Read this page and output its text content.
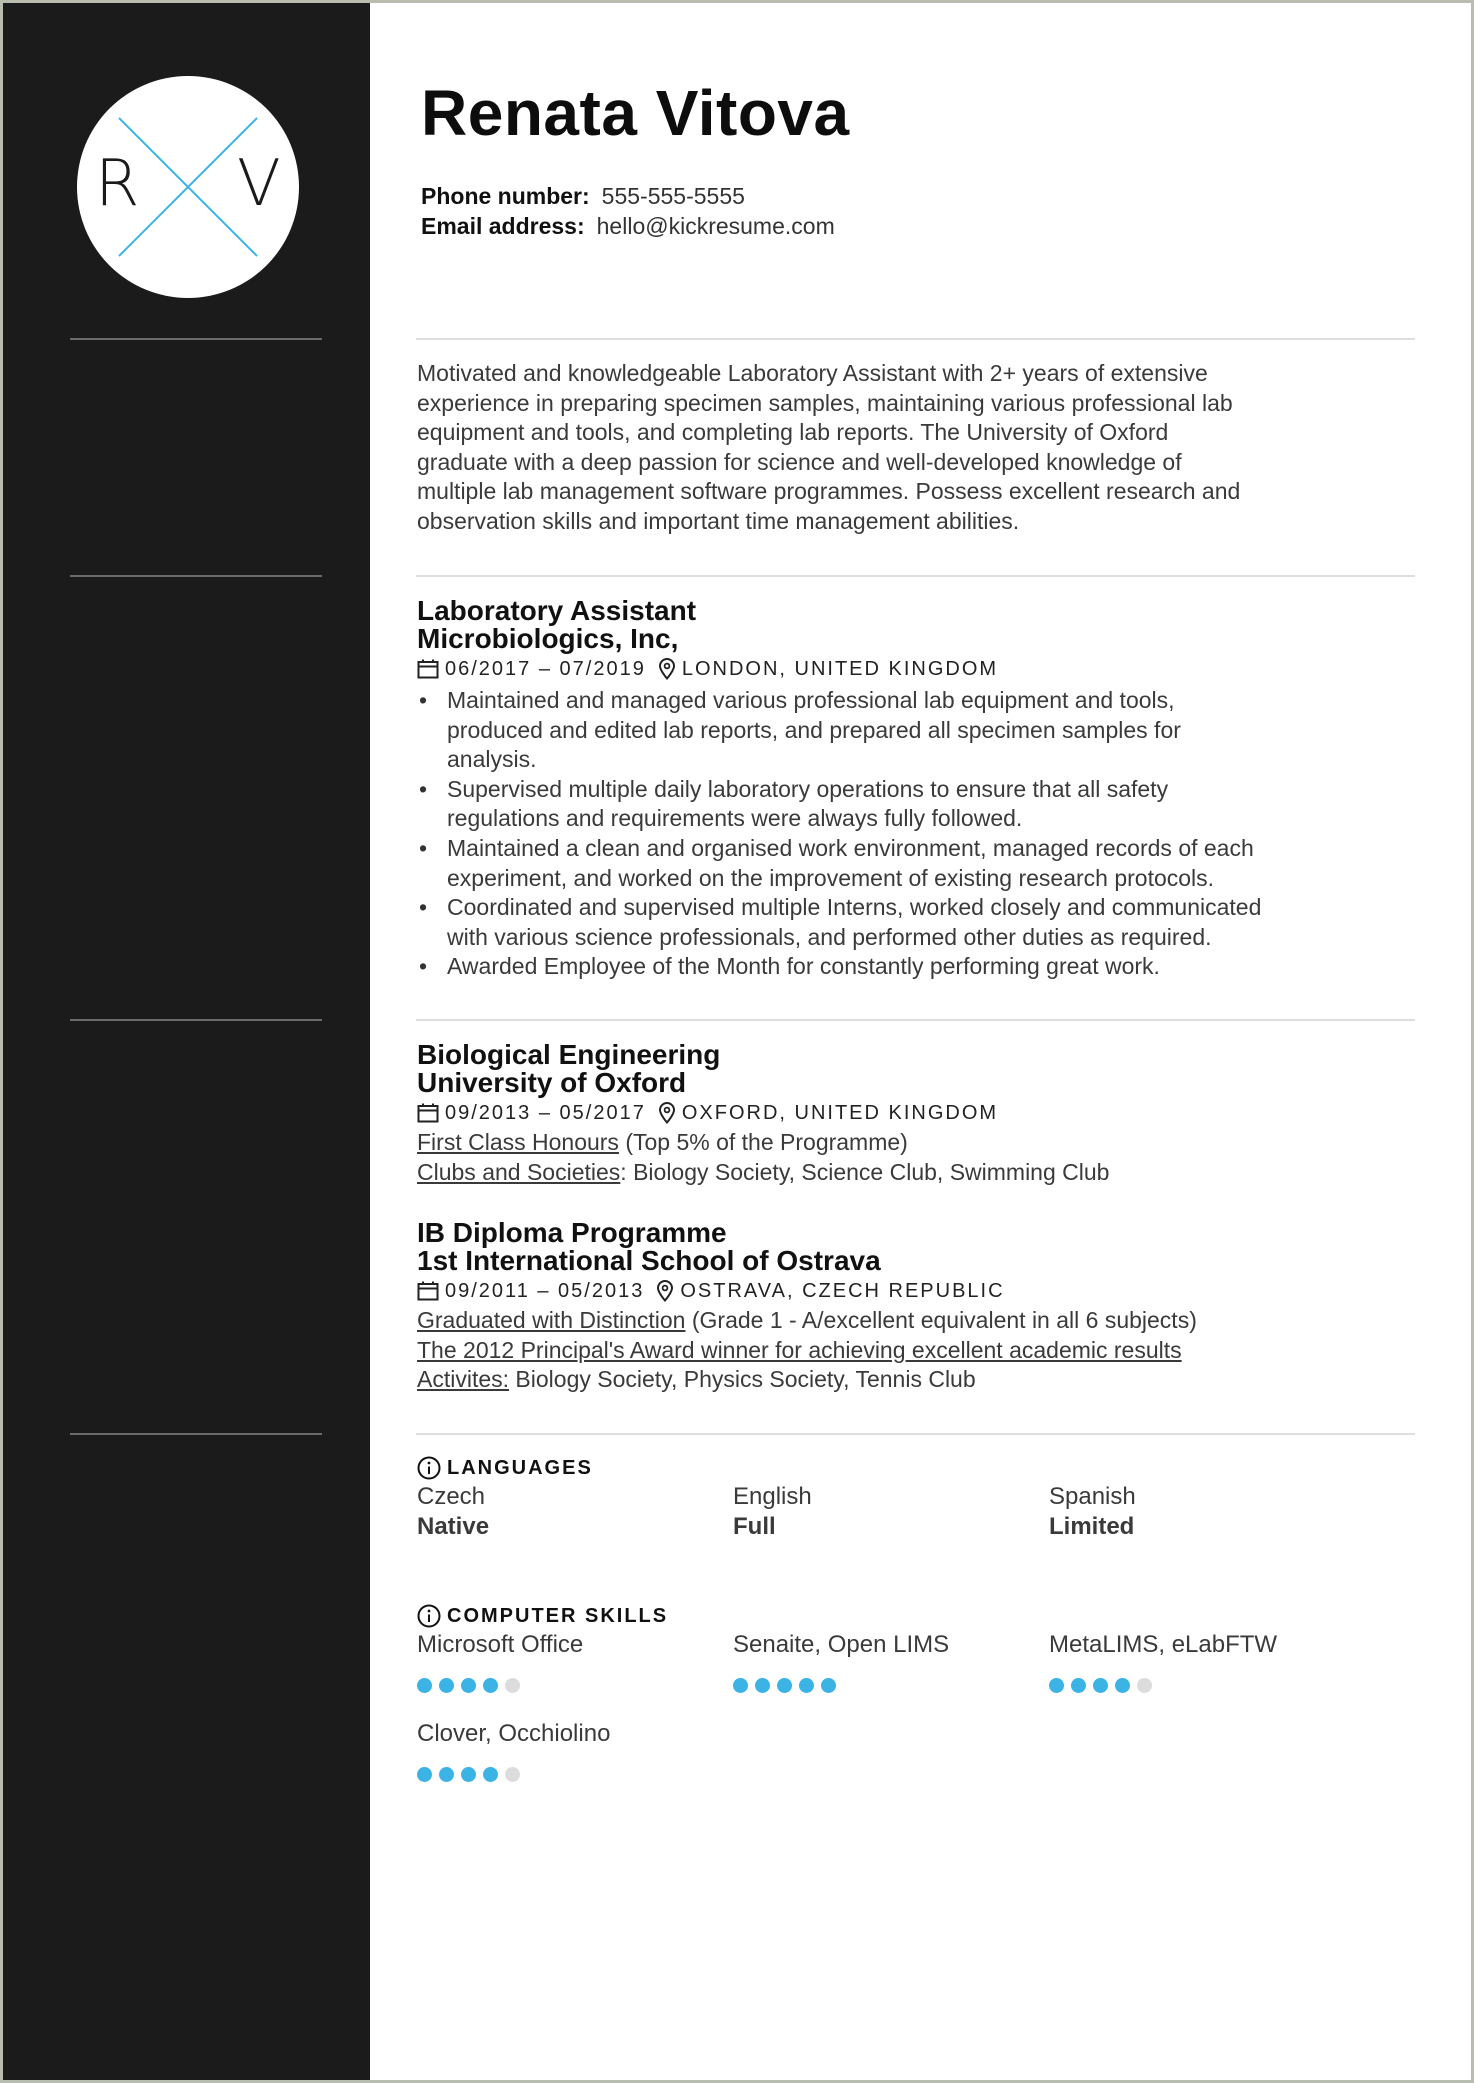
R V
Renata Vitova
Phone number: 555-555-5555
Email address: hello@kickresume.com
Motivated and knowledgeable Laboratory Assistant with 2+ years of extensive
experience in preparing specimen samples, maintaining various professional lab
equipment and tools, and completing lab reports. The University of Oxford
graduate with a deep passion for science and well-developed knowledge of
multiple lab management software programmes. Possess excellent research and
observation skills and important time management abilities.
Laboratory Assistant
Microbiologics, Inc,
06/2017 – 07/2019 LONDON, UNITED KINGDOM
• Maintained and managed various professional lab equipment and tools,
produced and edited lab reports, and prepared all specimen samples for
analysis.
• Supervised multiple daily laboratory operations to ensure that all safety
regulations and requirements were always fully followed.
• Maintained a clean and organised work environment, managed records of each
experiment, and worked on the improvement of existing research protocols.
• Coordinated and supervised multiple Interns, worked closely and communicated
with various science professionals, and performed other duties as required.
• Awarded Employee of the Month for constantly performing great work.
Biological Engineering
University of Oxford
09/2013 – 05/2017 OXFORD, UNITED KINGDOM
First Class Honours (Top 5% of the Programme)
Clubs and Societies: Biology Society, Science Club, Swimming Club
IB Diploma Programme
1st International School of Ostrava
09/2011 – 05/2013 OSTRAVA, CZECH REPUBLIC
Graduated with Distinction (Grade 1 - A/excellent equivalent in all 6 subjects)
The 2012 Principal's Award winner for achieving excellent academic results
Activites: Biology Society, Physics Society, Tennis Club
LANGUAGES
Czech
Native
English
Full
Spanish
Limited
COMPUTER SKILLS
Microsoft Office	Senaite, Open LIMS	MetaLIMS, eLabFTW
Clover, Occhiolino
